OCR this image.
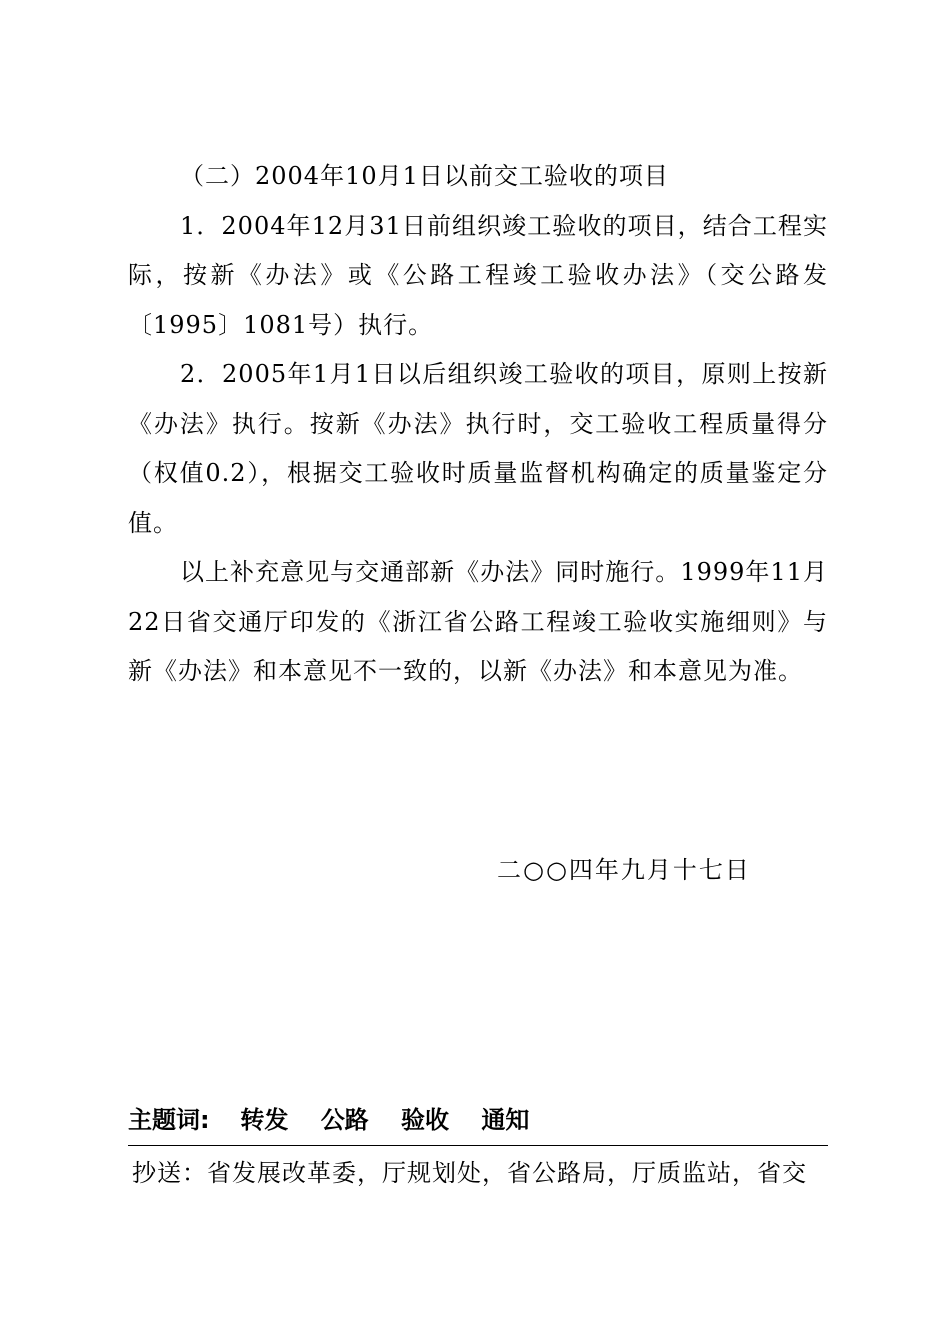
（二）2004年10月1日以前交工验收的项目

1．2004年12月31日前组织竣工验收的项目，结合工程实际，按新《办法》或《公路工程竣工验收办法》（交公路发〔1995〕1081号）执行。

2．2005年1月1日以后组织竣工验收的项目，原则上按新《办法》执行。按新《办法》执行时，交工验收工程质量得分（权值0.2），根据交工验收时质量监督机构确定的质量鉴定分值。

以上补充意见与交通部新《办法》同时施行。1999年11月22日省交通厅印发的《浙江省公路工程竣工验收实施细则》与新《办法》和本意见不一致的，以新《办法》和本意见为准。

二○○四年九月十七日
主题词: 转发 公路 验收 通知
抄送：省发展改革委，厅规划处，省公路局，厅质监站，省交
